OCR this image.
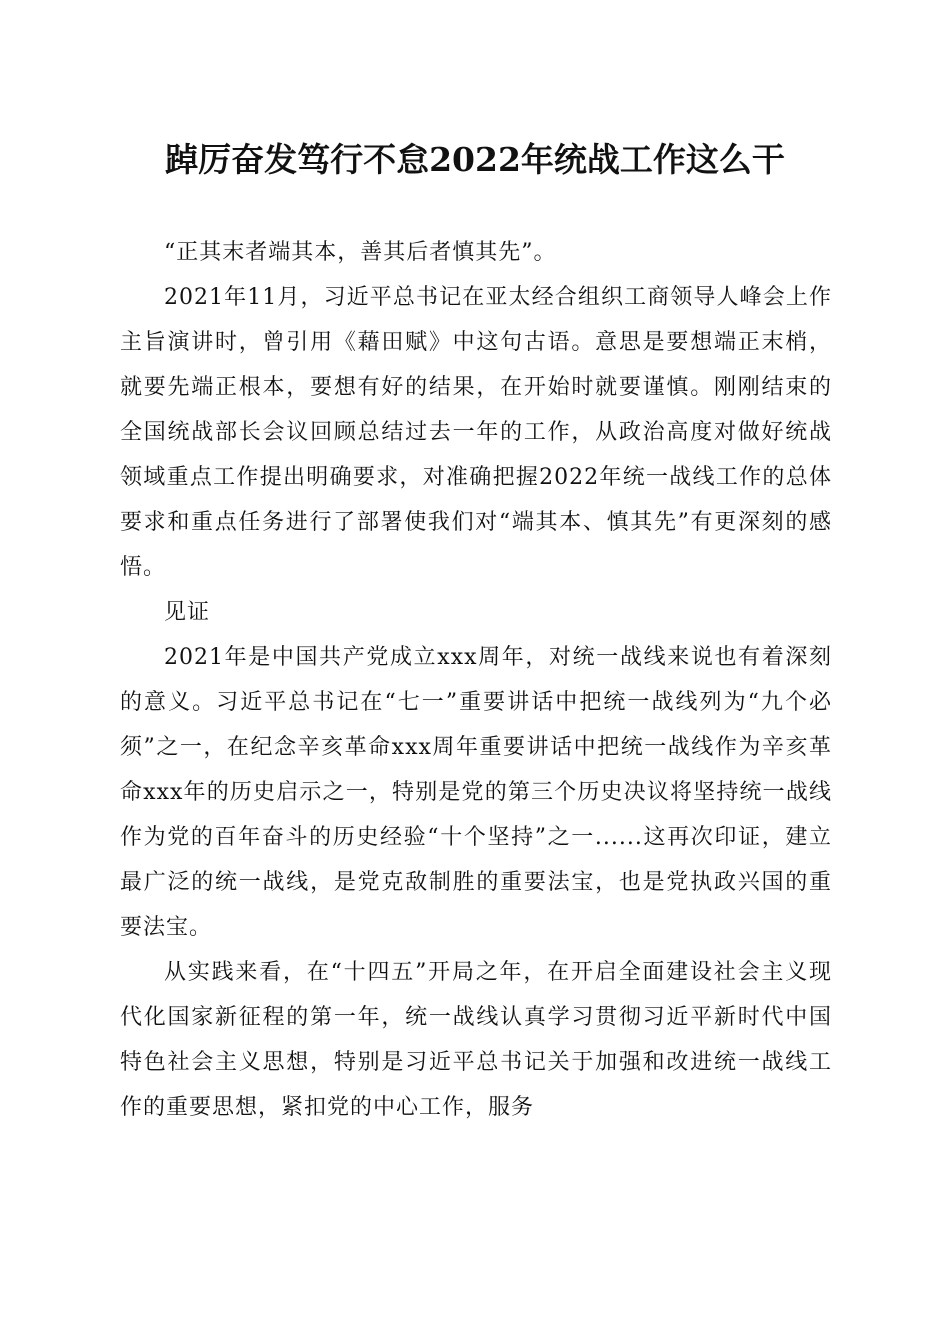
踔厉奋发笃行不怠2022年统战工作这么干

“正其末者端其本，善其后者慎其先”。

2021年11月，习近平总书记在亚太经合组织工商领导人峰会上作主旨演讲时，曾引用《藉田赋》中这句古语。意思是要想端正末梢，就要先端正根本，要想有好的结果，在开始时就要谨慎。刚刚结束的全国统战部长会议回顾总结过去一年的工作，从政治高度对做好统战领域重点工作提出明确要求，对准确把握2022年统一战线工作的总体要求和重点任务进行了部署使我们对“端其本、慎其先”有更深刻的感悟。

见证

2021年是中国共产党成立xxx周年，对统一战线来说也有着深刻的意义。习近平总书记在“七一”重要讲话中把统一战线列为“九个必须”之一，在纪念辛亥革命xxx周年重要讲话中把统一战线作为辛亥革命xxx年的历史启示之一，特别是党的第三个历史决议将坚持统一战线作为党的百年奋斗的历史经验“十个坚持”之一......这再次印证，建立最广泛的统一战线，是党克敌制胜的重要法宝，也是党执政兴国的重要法宝。

从实践来看，在“十四五”开局之年，在开启全面建设社会主义现代化国家新征程的第一年，统一战线认真学习贯彻习近平新时代中国特色社会主义思想，特别是习近平总书记关于加强和改进统一战线工作的重要思想，紧扣党的中心工作，服务
